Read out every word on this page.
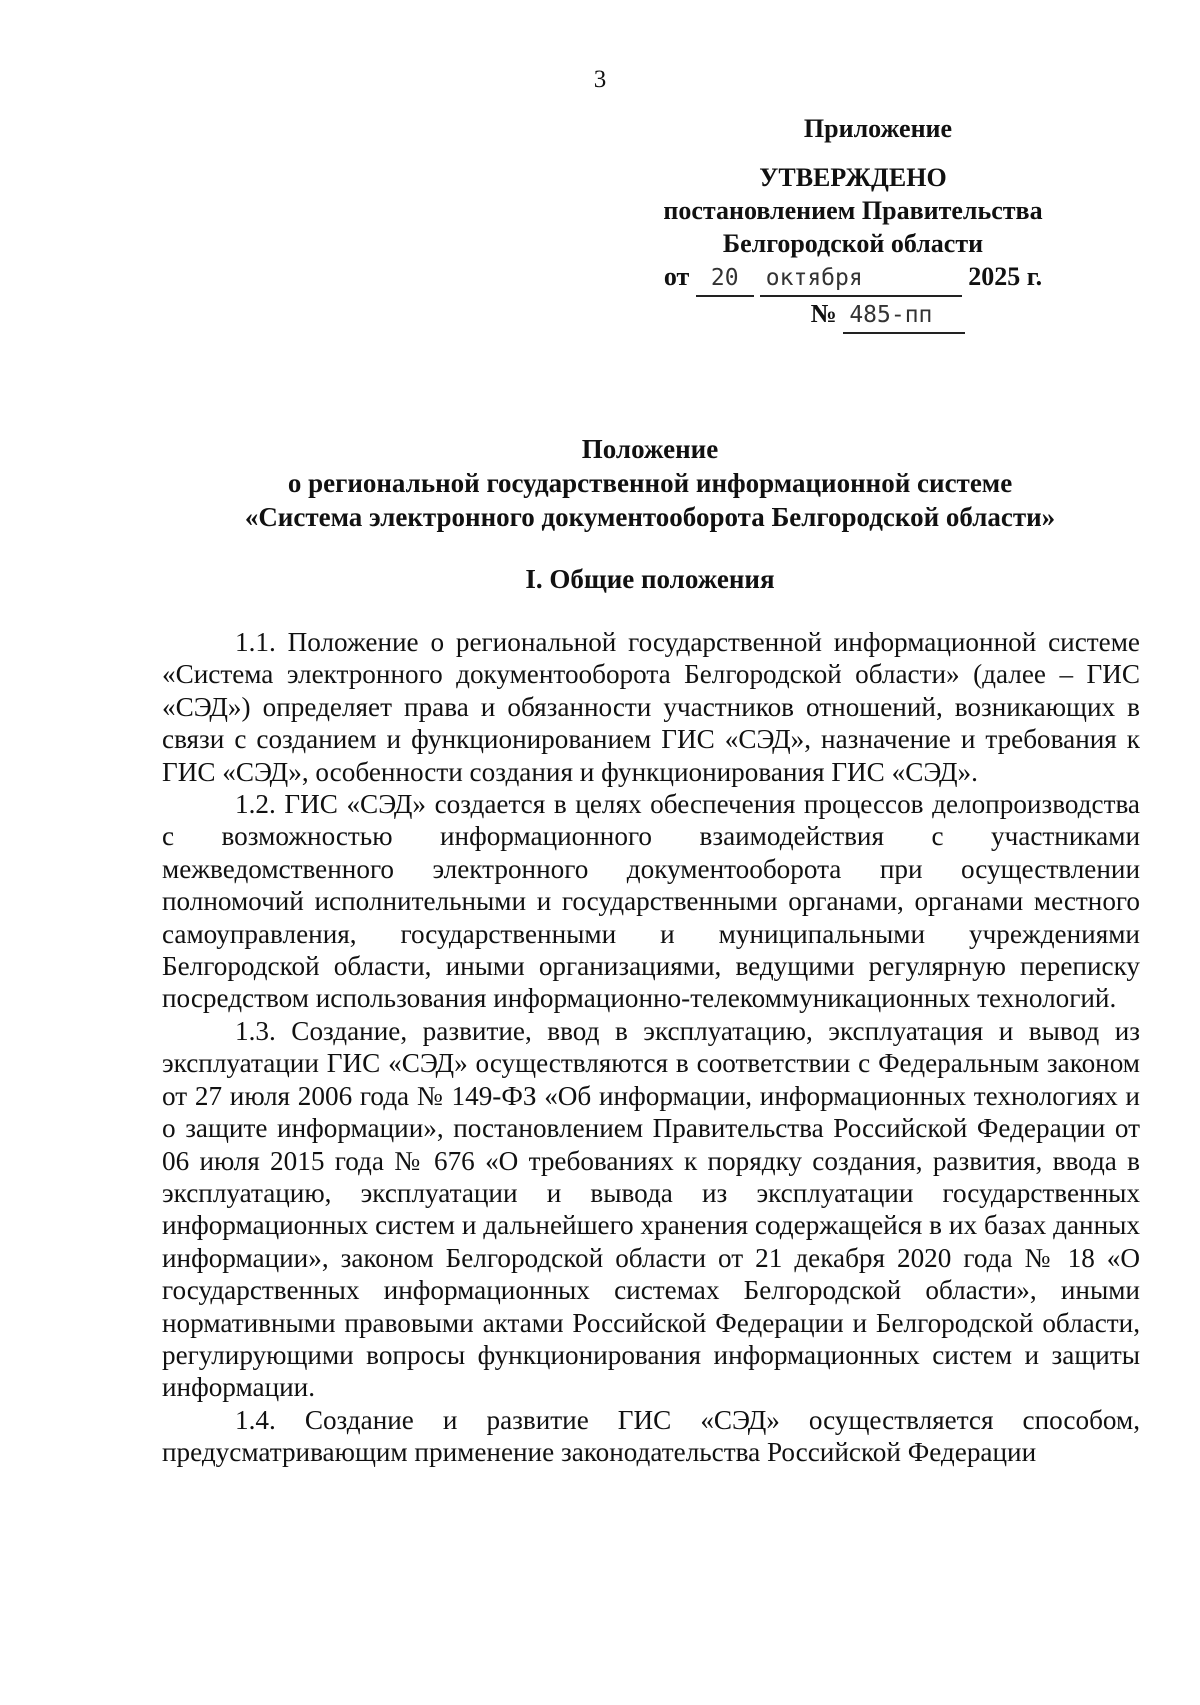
3
Приложение
УТВЕРЖДЕНО
постановлением Правительства
Белгородской области
от 20 октября	2025 г.
№ 485-пп
Положение
о региональной государственной информационной системе
«Система электронного документооборота Белгородской области»
I. Общие положения

1.1. Положение о региональной государственной информационной системе «Система электронного документооборота Белгородской области» (далее – ГИС «СЭД») определяет права и обязанности участников отношений, возникающих в связи с созданием и функционированием ГИС «СЭД», назначение и требования к ГИС «СЭД», особенности создания и функционирования ГИС «СЭД».

1.2. ГИС «СЭД» создается в целях обеспечения процессов делопроизводства с возможностью информационного взаимодействия с участниками межведомственного электронного документооборота при осуществлении полномочий исполнительными и государственными органами, органами местного самоуправления, государственными и муниципальными учреждениями Белгородской области, иными организациями, ведущими регулярную переписку посредством использования информационно-телекоммуникационных технологий.

1.3. Создание, развитие, ввод в эксплуатацию, эксплуатация и вывод из эксплуатации ГИС «СЭД» осуществляются в соответствии с Федеральным законом от 27 июля 2006 года № 149-ФЗ «Об информации, информационных технологиях и о защите информации», постановлением Правительства Российской Федерации от 06 июля 2015 года № 676 «О требованиях к порядку создания, развития, ввода в эксплуатацию, эксплуатации и вывода из эксплуатации государственных информационных систем и дальнейшего хранения содержащейся в их базах данных информации», законом Белгородской области от 21 декабря 2020 года № 18 «О государственных информационных системах Белгородской области», иными нормативными правовыми актами Российской Федерации и Белгородской области, регулирующими вопросы функционирования информационных систем и защиты информации.

1.4. Создание и развитие ГИС «СЭД» осуществляется способом, предусматривающим применение законодательства Российской Федерации
